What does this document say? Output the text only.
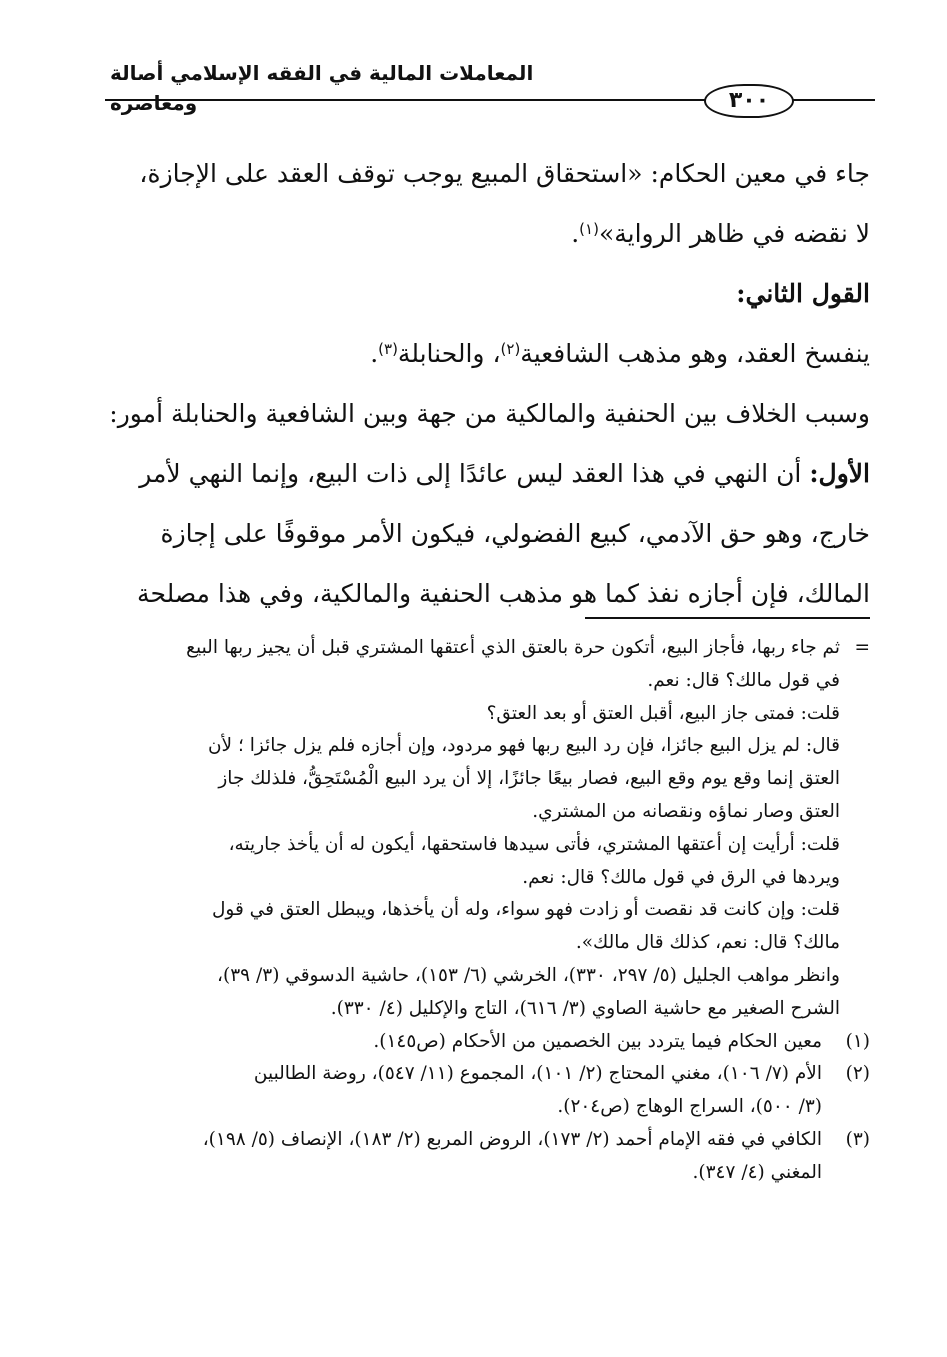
المعاملات المالية في الفقه الإسلامي أصالة ومعاصرة	٣٠٠

جاء في معين الحكام: «استحقاق المبيع يوجب توقف العقد على الإجازة،

لا نقضه في ظاهر الرواية»$^{(١)}$.

القول الثاني:

ينفسخ العقد، وهو مذهب الشافعية$^{(٢)}$، والحنابلة$^{(٣)}$.

وسبب الخلاف بين الحنفية والمالكية من جهة وبين الشافعية والحنابلة أمور:

الأول: أن النهي في هذا العقد ليس عائدًا إلى ذات البيع، وإنما النهي لأمر

خارج، وهو حق الآدمي، كبيع الفضولي، فيكون الأمر موقوفًا على إجازة

المالك، فإن أجازه نفذ كما هو مذهب الحنفية والمالكية، وفي هذا مصلحة

=
ثم جاء ربها، فأجاز البيع، أتكون حرة بالعتق الذي أعتقها المشتري قبل أن يجيز ربها البيع

في قول مالك؟ قال: نعم.

قلت: فمتى جاز البيع، أقبل العتق أو بعد العتق؟

قال: لم يزل البيع جائزا، فإن رد البيع ربها فهو مردود، وإن أجازه فلم يزل جائزا ؛ لأن

العتق إنما وقع يوم وقع البيع، فصار بيعًا جائزًا، إلا أن يرد البيع الْمُسْتَحِقُّ، فلذلك جاز

العتق وصار نماؤه ونقصانه من المشتري.

قلت: أرأيت إن أعتقها المشتري، فأتى سيدها فاستحقها، أيكون له أن يأخذ جاريته،

ويردها في الرق في قول مالك؟ قال: نعم.

قلت: وإن كانت قد نقصت أو زادت فهو سواء، وله أن يأخذها، ويبطل العتق في قول

مالك؟ قال: نعم، كذلك قال مالك».

وانظر مواهب الجليل (٥/ ٢٩٧، ٣٣٠)، الخرشي (٦/ ١٥٣)، حاشية الدسوقي (٣/ ٣٩)،

الشرح الصغير مع حاشية الصاوي (٣/ ٦١٦)، التاج والإكليل (٤/ ٣٣٠).

(١)

معين الحكام فيما يتردد بين الخصمين من الأحكام (ص١٤٥).

(٢)

الأم (٧/ ١٠٦)، مغني المحتاج (٢/ ١٠١)، المجموع (١١/ ٥٤٧)، روضة الطالبين
(٣/ ٥٠٠)، السراج الوهاج (ص٢٠٤).

(٣)

الكافي في فقه الإمام أحمد (٢/ ١٧٣)، الروض المربع (٢/ ١٨٣)، الإنصاف (٥/ ١٩٨)،
المغني (٤/ ٣٤٧).
